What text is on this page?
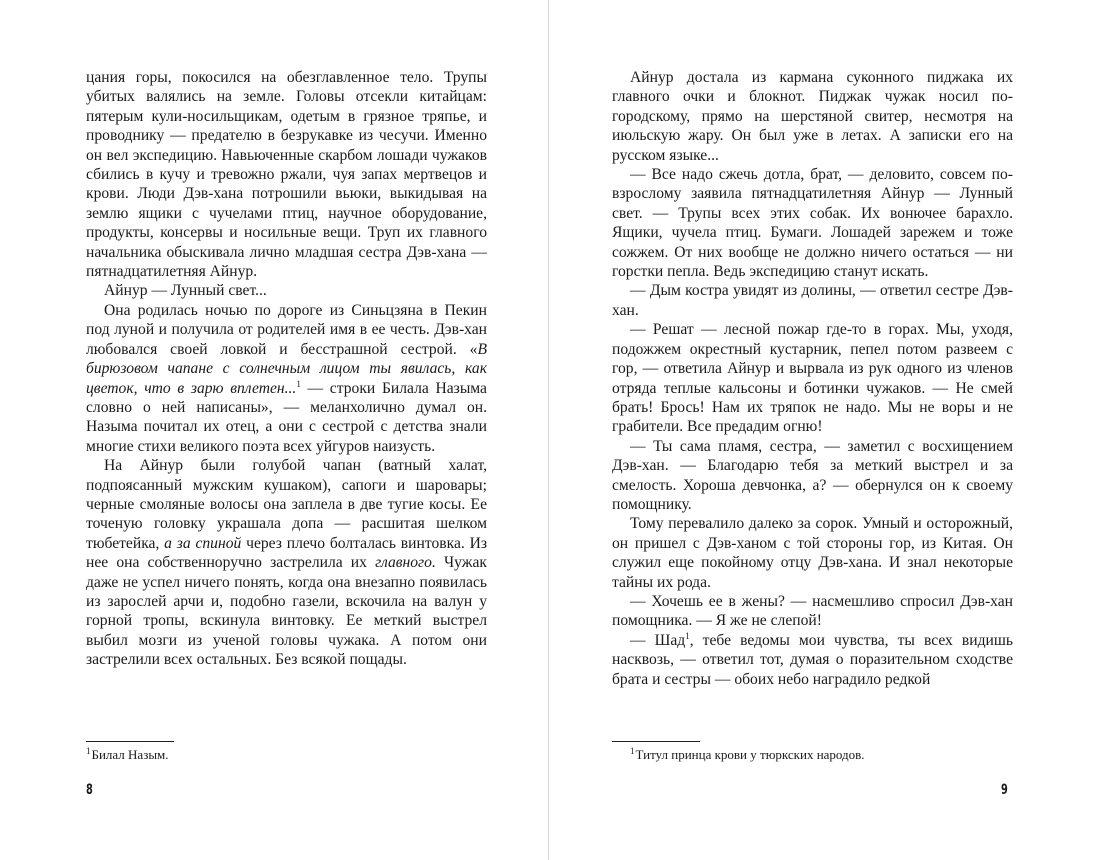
цания горы, покосился на обезглавленное тело. Трупы убитых валялись на земле. Головы отсекли китайцам: пятерым кули-носильщикам, одетым в грязное тряпье, и проводнику — предателю в безрукавке из чесучи. Именно он вел экспедицию. Навьюченные скарбом лошади чужаков сбились в кучу и тревожно ржали, чуя запах мертвецов и крови. Люди Дэв-хана потрошили вьюки, выкидывая на землю ящики с чучелами птиц, научное оборудование, продукты, консервы и носильные вещи. Труп их главного начальника обыскивала лично младшая сестра Дэв-хана — пятнадцатилетняя Айнур.

Айнур — Лунный свет...

Она родилась ночью по дороге из Синьцзяна в Пекин под луной и получила от родителей имя в ее честь. Дэв-хан любовался своей ловкой и бесстрашной сестрой. «В бирюзовом чапане с солнечным лицом ты явилась, как цветок, что в зарю вплетен...$^1$ — строки Билала Назыма словно о ней написаны», — меланхолично думал он. Назыма почитал их отец, а они с сестрой с детства знали многие стихи великого поэта всех уйгуров наизусть.

На Айнур были голубой чапан (ватный халат, подпоясанный мужским кушаком), сапоги и шаровары; черные смоляные волосы она заплела в две тугие косы. Ее точеную головку украшала допа — расшитая шелком тюбетейка, а за спиной через плечо болталась винтовка. Из нее она собственноручно застрелила их главного. Чужак даже не успел ничего понять, когда она внезапно появилась из зарослей арчи и, подобно газели, вскочила на валун у горной тропы, вскинула винтовку. Ее меткий выстрел выбил мозги из ученой головы чужака. А потом они застрелили всех остальных. Без всякой пощады.

$^1$Билал Назым.
8

Айнур достала из кармана суконного пиджака их главного очки и блокнот. Пиджак чужак носил по-городскому, прямо на шерстяной свитер, несмотря на июльскую жару. Он был уже в летах. А записки его на русском языке...

— Все надо сжечь дотла, брат, — деловито, совсем по-взрослому заявила пятнадцатилетняя Айнур — Лунный свет. — Трупы всех этих собак. Их вонючее барахло. Ящики, чучела птиц. Бумаги. Лошадей зарежем и тоже сожжем. От них вообще не должно ничего остаться — ни горстки пепла. Ведь экспедицию станут искать.

— Дым костра увидят из долины, — ответил сестре Дэв-хан.

— Решат — лесной пожар где-то в горах. Мы, уходя, подожжем окрестный кустарник, пепел потом развеем с гор, — ответила Айнур и вырвала из рук одного из членов отряда теплые кальсоны и ботинки чужаков. — Не смей брать! Брось! Нам их тряпок не надо. Мы не воры и не грабители. Все предадим огню!

— Ты сама пламя, сестра, — заметил с восхищением Дэв-хан. — Благодарю тебя за меткий выстрел и за смелость. Хороша девчонка, а? — обернулся он к своему помощнику.

Тому перевалило далеко за сорок. Умный и осторожный, он пришел с Дэв-ханом с той стороны гор, из Китая. Он служил еще покойному отцу Дэв-хана. И знал некоторые тайны их рода.

— Хочешь ее в жены? — насмешливо спросил Дэв-хан помощника. — Я же не слепой!

— Шад$^1$, тебе ведомы мои чувства, ты всех видишь насквозь, — ответил тот, думая о поразительном сходстве брата и сестры — обоих небо наградило редкой

$^1$Титул принца крови у тюркских народов.
9
